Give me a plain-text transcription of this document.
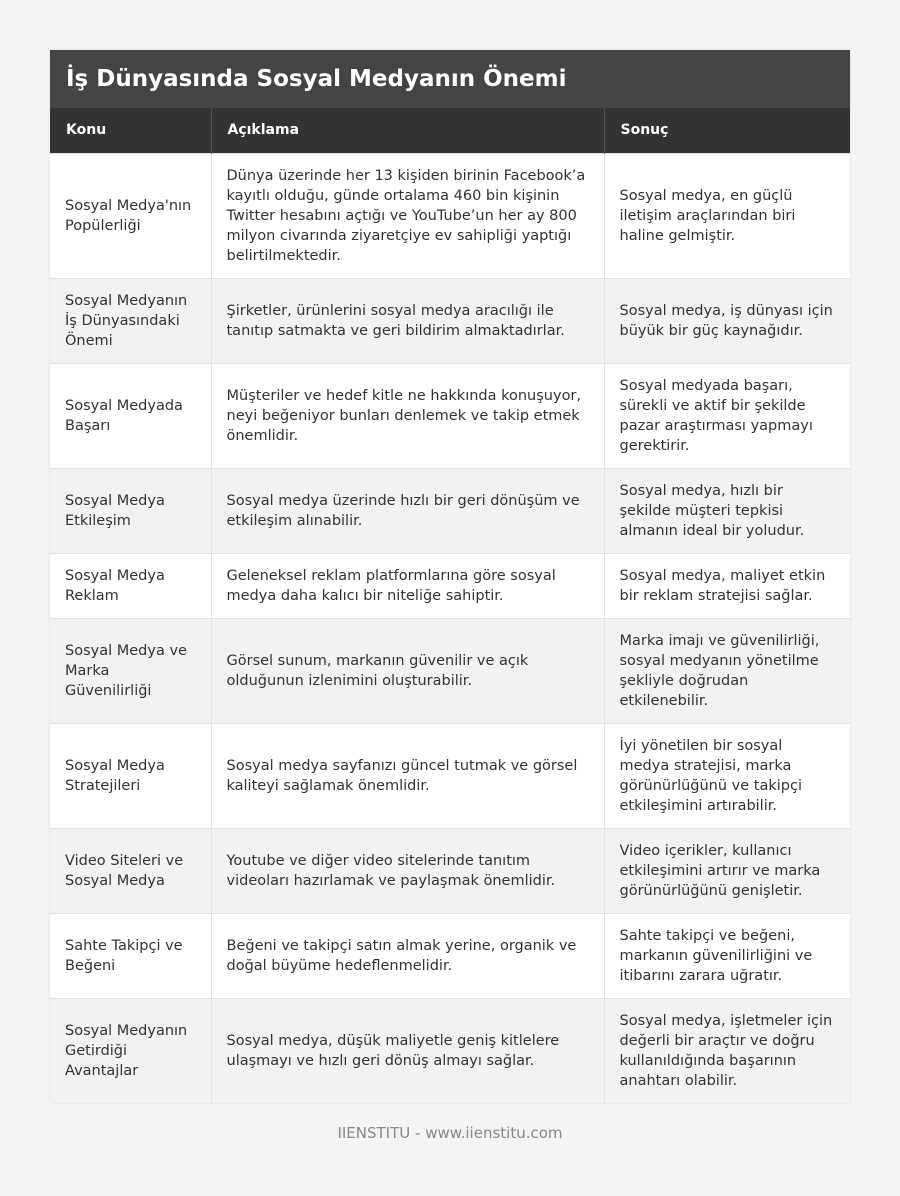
İş Dünyasında Sosyal Medyanın Önemi
Konu	Açıklama	Sonuç
Sosyal Medya'nın Popülerliği	Dünya üzerinde her 13 kişiden birinin Facebook’a kayıtlı olduğu, günde ortalama 460 bin kişinin Twitter hesabını açtığı ve YouTube’un her ay 800 milyon civarında ziyaretçiye ev sahipliği yaptığı belirtilmektedir.	Sosyal medya, en güçlü iletişim araçlarından biri haline gelmiştir.
Sosyal Medyanın İş Dünyasındaki Önemi	Şirketler, ürünlerini sosyal medya aracılığı ile tanıtıp satmakta ve geri bildirim almaktadırlar.	Sosyal medya, iş dünyası için büyük bir güç kaynağıdır.
Sosyal Medyada Başarı	Müşteriler ve hedef kitle ne hakkında konuşuyor, neyi beğeniyor bunları denlemek ve takip etmek önemlidir.	Sosyal medyada başarı, sürekli ve aktif bir şekilde pazar araştırması yapmayı gerektirir.
Sosyal Medya Etkileşim	Sosyal medya üzerinde hızlı bir geri dönüşüm ve etkileşim alınabilir.	Sosyal medya, hızlı bir şekilde müşteri tepkisi almanın ideal bir yoludur.
Sosyal Medya Reklam	Geleneksel reklam platformlarına göre sosyal medya daha kalıcı bir niteliğe sahiptir.	Sosyal medya, maliyet etkin bir reklam stratejisi sağlar.
Sosyal Medya ve Marka Güvenilirliği	Görsel sunum, markanın güvenilir ve açık olduğunun izlenimini oluşturabilir.	Marka imajı ve güvenilirliği, sosyal medyanın yönetilme şekliyle doğrudan etkilenebilir.
Sosyal Medya Stratejileri	Sosyal medya sayfanızı güncel tutmak ve görsel kaliteyi sağlamak önemlidir.	İyi yönetilen bir sosyal medya stratejisi, marka görünürlüğünü ve takipçi etkileşimini artırabilir.
Video Siteleri ve Sosyal Medya	Youtube ve diğer video sitelerinde tanıtım videoları hazırlamak ve paylaşmak önemlidir.	Video içerikler, kullanıcı etkileşimini artırır ve marka görünürlüğünü genişletir.
Sahte Takipçi ve Beğeni	Beğeni ve takipçi satın almak yerine, organik ve doğal büyüme hedeflenmelidir.	Sahte takipçi ve beğeni, markanın güvenilirliğini ve itibarını zarara uğratır.
Sosyal Medyanın Getirdiği Avantajlar	Sosyal medya, düşük maliyetle geniş kitlelere ulaşmayı ve hızlı geri dönüş almayı sağlar.	Sosyal medya, işletmeler için değerli bir araçtır ve doğru kullanıldığında başarının anahtarı olabilir.
IIENSTITU - www.iienstitu.com
